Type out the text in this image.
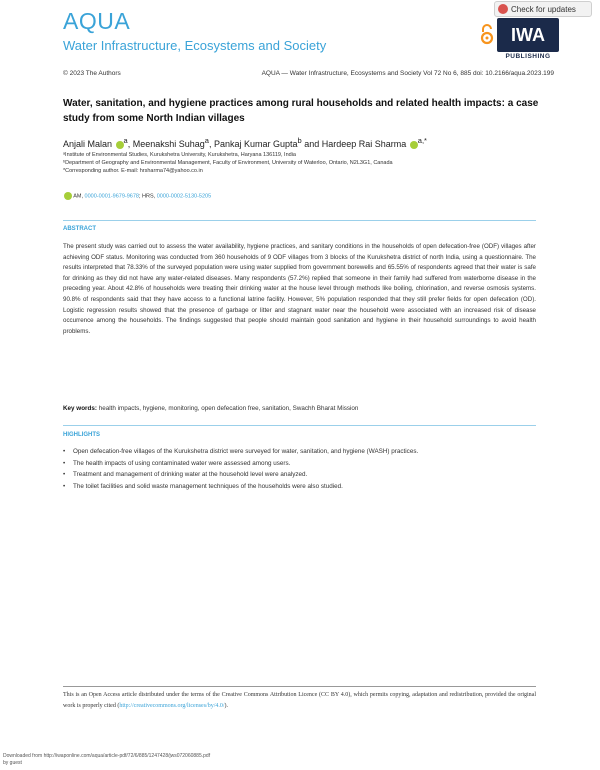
AQUA
Water Infrastructure, Ecosystems and Society
Check for updates
IWA
PUBLISHING
© 2023 The Authors	AQUA — Water Infrastructure, Ecosystems and Society Vol 72 No 6, 885 doi: 10.2166/aqua.2023.199
Water, sanitation, and hygiene practices among rural households and related health impacts: a case study from some North Indian villages
Anjali Malan $^a$, Meenakshi Suhag$^a$, Pankaj Kumar Gupta$^b$ and Hardeep Rai Sharma $^{a,*}$
ᵃInstitute of Environmental Studies, Kurukshetra University, Kurukshetra, Haryana 136119, India
ᵇDepartment of Geography and Environmental Management, Faculty of Environment, University of Waterloo, Ontario, N2L3G1, Canada
*Corresponding author. E-mail: hrsharma74@yahoo.co.in
AM, 0000-0001-9679-9678; HRS, 0000-0002-5130-5205
ABSTRACT
The present study was carried out to assess the water availability, hygiene practices, and sanitary conditions in the households of open defecation-free (ODF) villages after achieving ODF status. Monitoring was conducted from 360 households of 9 ODF villages from 3 blocks of the Kurukshetra district of north India, using a questionnaire. The results interpreted that 78.33% of the surveyed population were using water supplied from government borewells and 65.55% of respondents agreed that their water is safe for drinking as they did not have any water-related diseases. Many respondents (57.2%) replied that someone in their family had suffered from waterborne disease in the preceding year. About 42.8% of households were treating their drinking water at the house level through methods like boiling, chlorination, and reverse osmosis systems. 90.8% of respondents said that they have access to a functional latrine facility. However, 5% population responded that they still prefer fields for open defecation (OD). Logistic regression results showed that the presence of garbage or litter and stagnant water near the household were associated with an increased risk of disease occurrence among the households. The findings suggested that people should maintain good sanitation and hygiene in their household surroundings to avoid health problems.
Key words: health impacts, hygiene, monitoring, open defecation free, sanitation, Swachh Bharat Mission
HIGHLIGHTS
• Open defecation-free villages of the Kurukshetra district were surveyed for water, sanitation, and hygiene (WASH) practices.
• The health impacts of using contaminated water were assessed among users.
• Treatment and management of drinking water at the household level were analyzed.
• The toilet facilities and solid waste management techniques of the households were also studied.
This is an Open Access article distributed under the terms of the Creative Commons Attribution Licence (CC BY 4.0), which permits copying, adaptation and redistribution, provided the original work is properly cited (http://creativecommons.org/licenses/by/4.0/).
Downloaded from http://iwaponline.com/aqua/article-pdf/72/6/885/1247428/jws072060885.pdf
by guest
